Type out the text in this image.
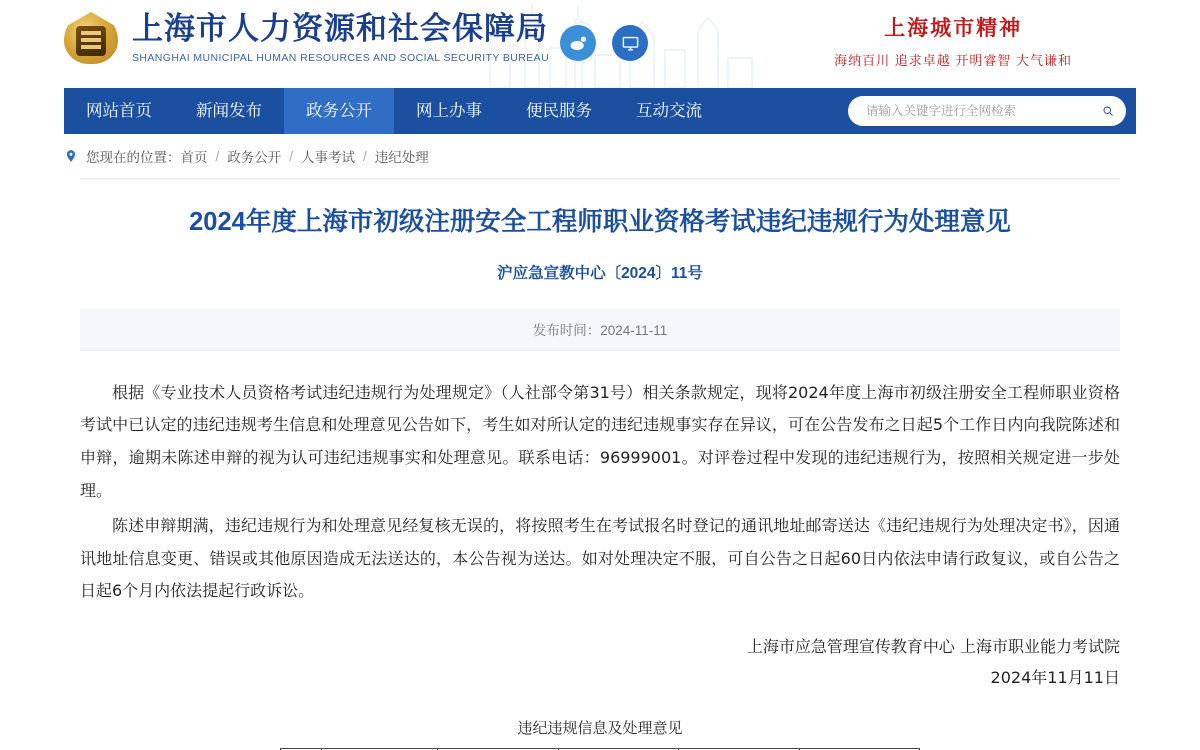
上海市人力资源和社会保障局
SHANGHAI MUNICIPAL HUMAN RESOURCES AND SOCIAL SECURITY BUREAU
上海城市精神
海纳百川 追求卓越 开明睿智 大气谦和
网站首页	新闻发布	政务公开	网上办事	便民服务	互动交流
请输入关键字进行全网检索
您现在的位置： 首页 / 政务公开 / 人事考试 / 违纪处理
2024年度上海市初级注册安全工程师职业资格考试违纪违规行为处理意见
沪应急宣教中心〔2024〕11号
发布时间：2024-11-11

根据《专业技术人员资格考试违纪违规行为处理规定》（人社部令第31号）相关条款规定，现将2024年度上海市初级注册安全工程师职业资格考试中已认定的违纪违规考生信息和处理意见公告如下，考生如对所认定的违纪违规事实存在异议，可在公告发布之日起5个工作日内向我院陈述和申辩，逾期未陈述申辩的视为认可违纪违规事实和处理意见。联系电话：96999001。对评卷过程中发现的违纪违规行为，按照相关规定进一步处理。

陈述申辩期满，违纪违规行为和处理意见经复核无误的，将按照考生在考试报名时登记的通讯地址邮寄送达《违纪违规行为处理决定书》，因通讯地址信息变更、错误或其他原因造成无法送达的，本公告视为送达。如对处理决定不服，可自公告之日起60日内依法申请行政复议，或自公告之日起6个月内依法提起行政诉讼。

上海市应急管理宣传教育中心 上海市职业能力考试院
2024年11月11日
违纪违规信息及处理意见
